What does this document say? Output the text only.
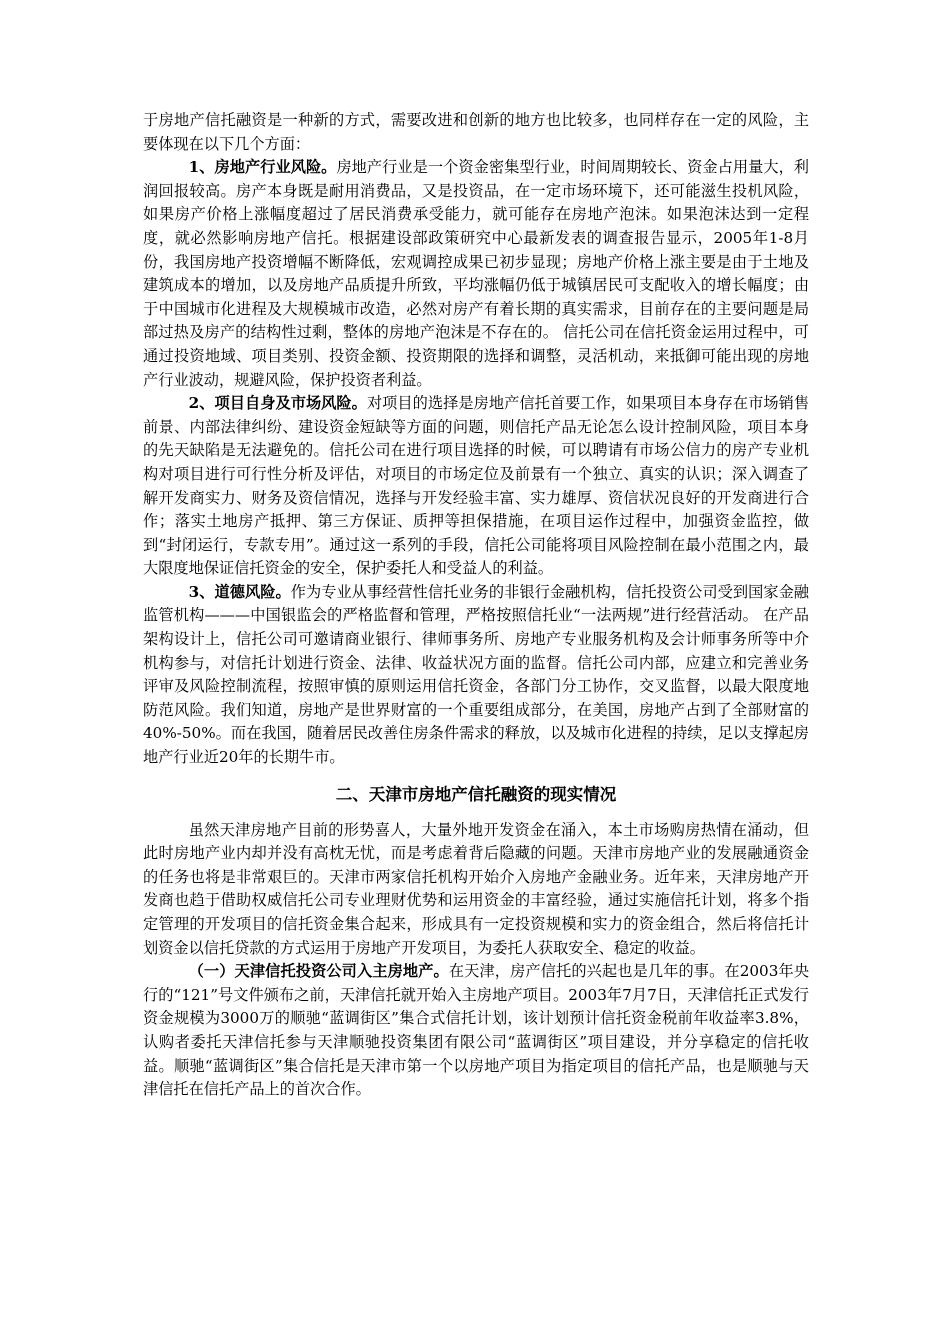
于房地产信托融资是一种新的方式，需要改进和创新的地方也比较多，也同样存在一定的风险，主要体现在以下几个方面：

1、房地产行业风险。房地产行业是一个资金密集型行业，时间周期较长、资金占用量大，利润回报较高。房产本身既是耐用消费品，又是投资品，在一定市场环境下，还可能滋生投机风险，如果房产价格上涨幅度超过了居民消费承受能力，就可能存在房地产泡沫。如果泡沫达到一定程度，就必然影响房地产信托。根据建设部政策研究中心最新发表的调查报告显示，2005年1-8月份，我国房地产投资增幅不断降低，宏观调控成果已初步显现；房地产价格上涨主要是由于土地及建筑成本的增加，以及房地产品质提升所致，平均涨幅仍低于城镇居民可支配收入的增长幅度；由于中国城市化进程及大规模城市改造，必然对房产有着长期的真实需求，目前存在的主要问题是局部过热及房产的结构性过剩，整体的房地产泡沫是不存在的。 信托公司在信托资金运用过程中，可通过投资地域、项目类别、投资金额、投资期限的选择和调整，灵活机动，来抵御可能出现的房地产行业波动，规避风险，保护投资者利益。

2、项目自身及市场风险。对项目的选择是房地产信托首要工作，如果项目本身存在市场销售前景、内部法律纠纷、建设资金短缺等方面的问题，则信托产品无论怎么设计控制风险，项目本身的先天缺陷是无法避免的。信托公司在进行项目选择的时候，可以聘请有市场公信力的房产专业机构对项目进行可行性分析及评估，对项目的市场定位及前景有一个独立、真实的认识；深入调查了解开发商实力、财务及资信情况，选择与开发经验丰富、实力雄厚、资信状况良好的开发商进行合作；落实土地房产抵押、第三方保证、质押等担保措施，在项目运作过程中，加强资金监控，做到“封闭运行，专款专用”。通过这一系列的手段，信托公司能将项目风险控制在最小范围之内，最大限度地保证信托资金的安全，保护委托人和受益人的利益。

3、道德风险。作为专业从事经营性信托业务的非银行金融机构，信托投资公司受到国家金融监管机构———中国银监会的严格监督和管理，严格按照信托业“一法两规”进行经营活动。 在产品架构设计上，信托公司可邀请商业银行、律师事务所、房地产专业服务机构及会计师事务所等中介机构参与，对信托计划进行资金、法律、收益状况方面的监督。信托公司内部，应建立和完善业务评审及风险控制流程，按照审慎的原则运用信托资金，各部门分工协作，交叉监督，以最大限度地防范风险。我们知道，房地产是世界财富的一个重要组成部分，在美国，房地产占到了全部财富的40%-50%。而在我国，随着居民改善住房条件需求的释放，以及城市化进程的持续，足以支撑起房地产行业近20年的长期牛市。

二、天津市房地产信托融资的现实情况

虽然天津房地产目前的形势喜人，大量外地开发资金在涌入，本土市场购房热情在涌动，但此时房地产业内却并没有高枕无忧，而是考虑着背后隐藏的问题。天津市房地产业的发展融通资金的任务也将是非常艰巨的。天津市两家信托机构开始介入房地产金融业务。近年来，天津房地产开发商也趋于借助权威信托公司专业理财优势和运用资金的丰富经验，通过实施信托计划，将多个指定管理的开发项目的信托资金集合起来，形成具有一定投资规模和实力的资金组合，然后将信托计划资金以信托贷款的方式运用于房地产开发项目，为委托人获取安全、稳定的收益。

（一）天津信托投资公司入主房地产。在天津，房产信托的兴起也是几年的事。在2003年央行的“121”号文件颁布之前，天津信托就开始入主房地产项目。2003年7月7日，天津信托正式发行资金规模为3000万的顺驰“蓝调街区”集合式信托计划，该计划预计信托资金税前年收益率3.8%，认购者委托天津信托参与天津顺驰投资集团有限公司“蓝调街区”项目建设，并分享稳定的信托收益。顺驰“蓝调街区”集合信托是天津市第一个以房地产项目为指定项目的信托产品，也是顺驰与天津信托在信托产品上的首次合作。
